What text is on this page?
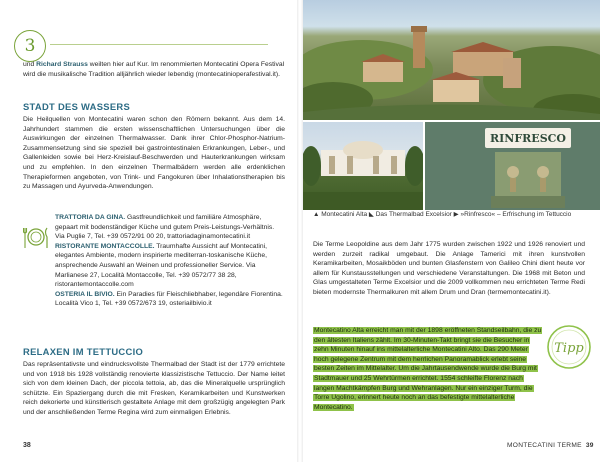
3

und Richard Strauss weilten hier auf Kur. Im renommierten Montecatini Opera Festival wird die musikalische Tradition alljährlich wieder lebendig (montecatinioperafestival.it).

STADT DES WASSERS

Die Heilquellen von Montecatini waren schon den Römern bekannt. Aus dem 14. Jahrhundert stammen die ersten wissenschaftlichen Untersuchungen über die Auswirkungen der einzelnen Thermalwasser. Dank ihrer Chlor-Phosphor-Natrium-Zusammensetzung sind sie speziell bei gastrointestinalen Erkrankungen, Leber-, und Gallenleiden sowie bei Herz-Kreislauf-Beschwerden und Hauterkrankungen wirksam und zu empfehlen. In den einzelnen Thermalbädern werden alle erdenklichen Therapieformen angeboten, von Trink- und Fangokuren über Inhalationstherapien bis zu Massagen und Ayurveda-Anwendungen.

TRATTORIA DA GINA. Gastfreundlichkeit und familiäre Atmosphäre, gepaart mit bodenständiger Küche und gutem Preis-Leistungs-Verhältnis. Via Puglie 7, Tel. +39 0572/91 00 20, trattoriadaginamontecatini.it

RISTORANTE MONTACCOLLE. Traumhafte Aussicht auf Montecatini, elegantes Ambiente, modern inspirierte mediterran-toskanische Küche, ansprechende Auswahl an Weinen und professioneller Service. Via Marlianese 27, Località Montaccolle, Tel. +39 0572/77 38 28, ristorantemontaccolle.com

OSTERIA IL BIVIO. Ein Paradies für Fleischliebhaber, legendäre Fiorentina. Località Vico 1, Tel. +39 0572/673 19, osteriailbivio.it

RELAXEN IM TETTUCCIO

Das repräsentativste und eindrucksvollste Thermalbad der Stadt ist der 1779 errichtete und von 1918 bis 1928 vollständig renovierte klassizistische Tettuccio. Der Name leitet sich von dem kleinen Dach, der piccola tettoia, ab, das die Mineralquelle ursprünglich schützte. Ein Spaziergang durch die mit Fresken, Keramikarbeiten und Kunstwerken reich dekorierte und künstlerisch gestaltete Anlage mit dem großzügig angelegten Park und der anschließenden Terme Regina wird zum einmaligen Erlebnis.

38
RINFRESCO
▲ Montecatini Alta ◣ Das Thermalbad Excelsior ▶ »Rinfresco« – Erfrischung im Tettuccio

Die Terme Leopoldine aus dem Jahr 1775 wurden zwischen 1922 und 1926 renoviert und werden zurzeit radikal umgebaut. Die Anlage Tamerici mit ihren kunstvollen Keramikarbeiten, Mosaikböden und bunten Glasfenstern von Galileo Chini dient heute vor allem für Kunstausstellungen und verschiedene Veranstaltungen. Die 1968 mit Beton und Glas umgestalteten Terme Excelsior und die 2009 vollkommen neu errichteten Terme Redi bieten modernste Thermalkuren mit allem Drum und Dran (termemontecatini.it).

Montecatino Alta erreicht man mit der 1898 eröffneten Standseilbahn, die zu den ältesten Italiens zählt. Im 30-Minuten-Takt bringt sie die Besucher in zehn Minuten hinauf ins mittelalterliche Montecatini Alto. Das 290 Meter hoch gelegene Zentrum mit dem herrlichen Panoramablick erlebt seine besten Zeiten im Mittelalter. Um die Jahrtausendwende wurde die Burg mit Stadtmauer und 25 Wehrtürmen errichtet. 1554 schleifte Florenz nach langen Machtkämpfen Burg und Wehranlagen. Nur ein einziger Turm, die Torre Ugolino, erinnert heute noch an das befestigte mittelalterliche Montecatino.
Tipp
MONTECATINI TERME 39
